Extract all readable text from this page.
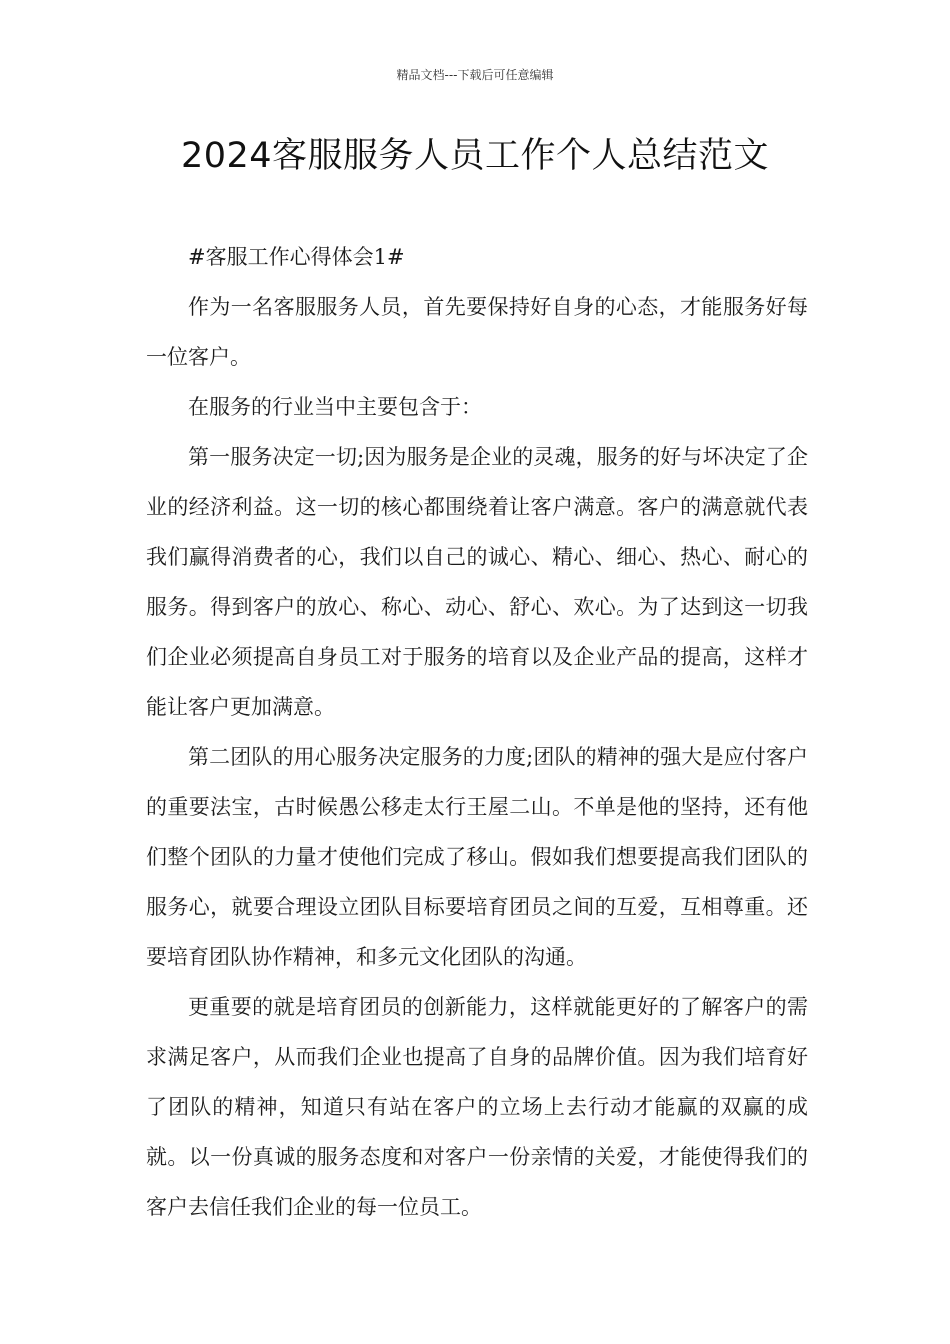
精品文档---下载后可任意编辑
2024客服服务人员工作个人总结范文

#客服工作心得体会1#

作为一名客服服务人员，首先要保持好自身的心态，才能服务好每一位客户。

在服务的行业当中主要包含于：

第一服务决定一切;因为服务是企业的灵魂，服务的好与坏决定了企业的经济利益。这一切的核心都围绕着让客户满意。客户的满意就代表我们赢得消费者的心，我们以自己的诚心、精心、细心、热心、耐心的服务。得到客户的放心、称心、动心、舒心、欢心。为了达到这一切我们企业必须提高自身员工对于服务的培育以及企业产品的提高，这样才能让客户更加满意。

第二团队的用心服务决定服务的力度;团队的精神的强大是应付客户的重要法宝，古时候愚公移走太行王屋二山。不单是他的坚持，还有他们整个团队的力量才使他们完成了移山。假如我们想要提高我们团队的服务心，就要合理设立团队目标要培育团员之间的互爱，互相尊重。还要培育团队协作精神，和多元文化团队的沟通。

更重要的就是培育团员的创新能力，这样就能更好的了解客户的需求满足客户，从而我们企业也提高了自身的品牌价值。因为我们培育好了团队的精神，知道只有站在客户的立场上去行动才能赢的双赢的成就。以一份真诚的服务态度和对客户一份亲情的关爱，才能使得我们的客户去信任我们企业的每一位员工。
